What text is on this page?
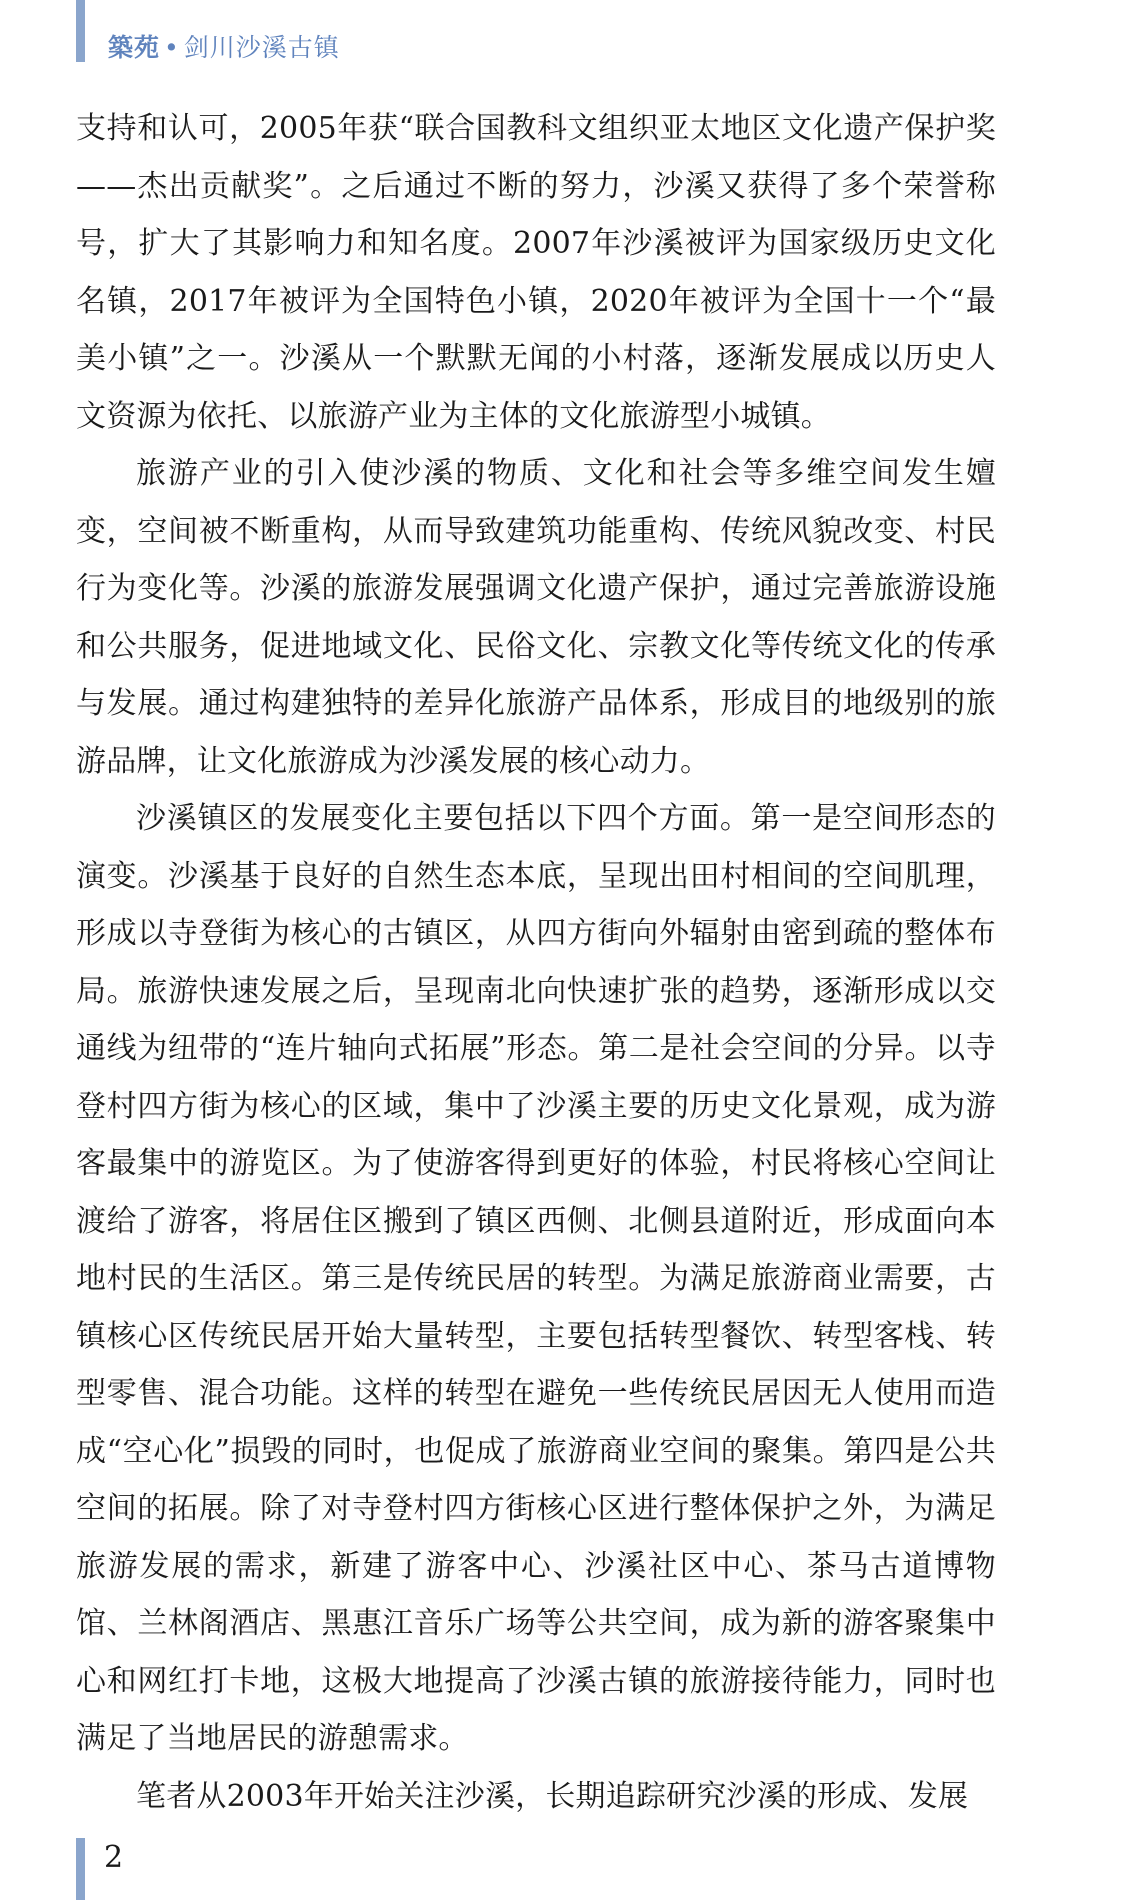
築苑 • 剑川沙溪古镇

支持和认可，2005年获“联合国教科文组织亚太地区文化遗产保护奖——杰出贡献奖”。之后通过不断的努力，沙溪又获得了多个荣誉称号，扩大了其影响力和知名度。2007年沙溪被评为国家级历史文化名镇，2017年被评为全国特色小镇，2020年被评为全国十一个“最美小镇”之一。沙溪从一个默默无闻的小村落，逐渐发展成以历史人文资源为依托、以旅游产业为主体的文化旅游型小城镇。

旅游产业的引入使沙溪的物质、文化和社会等多维空间发生嬗变，空间被不断重构，从而导致建筑功能重构、传统风貌改变、村民行为变化等。沙溪的旅游发展强调文化遗产保护，通过完善旅游设施和公共服务，促进地域文化、民俗文化、宗教文化等传统文化的传承与发展。通过构建独特的差异化旅游产品体系，形成目的地级别的旅游品牌，让文化旅游成为沙溪发展的核心动力。

沙溪镇区的发展变化主要包括以下四个方面。第一是空间形态的演变。沙溪基于良好的自然生态本底，呈现出田村相间的空间肌理，形成以寺登街为核心的古镇区，从四方街向外辐射由密到疏的整体布局。旅游快速发展之后，呈现南北向快速扩张的趋势，逐渐形成以交通线为纽带的“连片轴向式拓展”形态。第二是社会空间的分异。以寺登村四方街为核心的区域，集中了沙溪主要的历史文化景观，成为游客最集中的游览区。为了使游客得到更好的体验，村民将核心空间让渡给了游客，将居住区搬到了镇区西侧、北侧县道附近，形成面向本地村民的生活区。第三是传统民居的转型。为满足旅游商业需要，古镇核心区传统民居开始大量转型，主要包括转型餐饮、转型客栈、转型零售、混合功能。这样的转型在避免一些传统民居因无人使用而造成“空心化”损毁的同时，也促成了旅游商业空间的聚集。第四是公共空间的拓展。除了对寺登村四方街核心区进行整体保护之外，为满足旅游发展的需求，新建了游客中心、沙溪社区中心、茶马古道博物馆、兰林阁酒店、黑惠江音乐广场等公共空间，成为新的游客聚集中心和网红打卡地，这极大地提高了沙溪古镇的旅游接待能力，同时也满足了当地居民的游憩需求。

笔者从2003年开始关注沙溪，长期追踪研究沙溪的形成、发展

2
